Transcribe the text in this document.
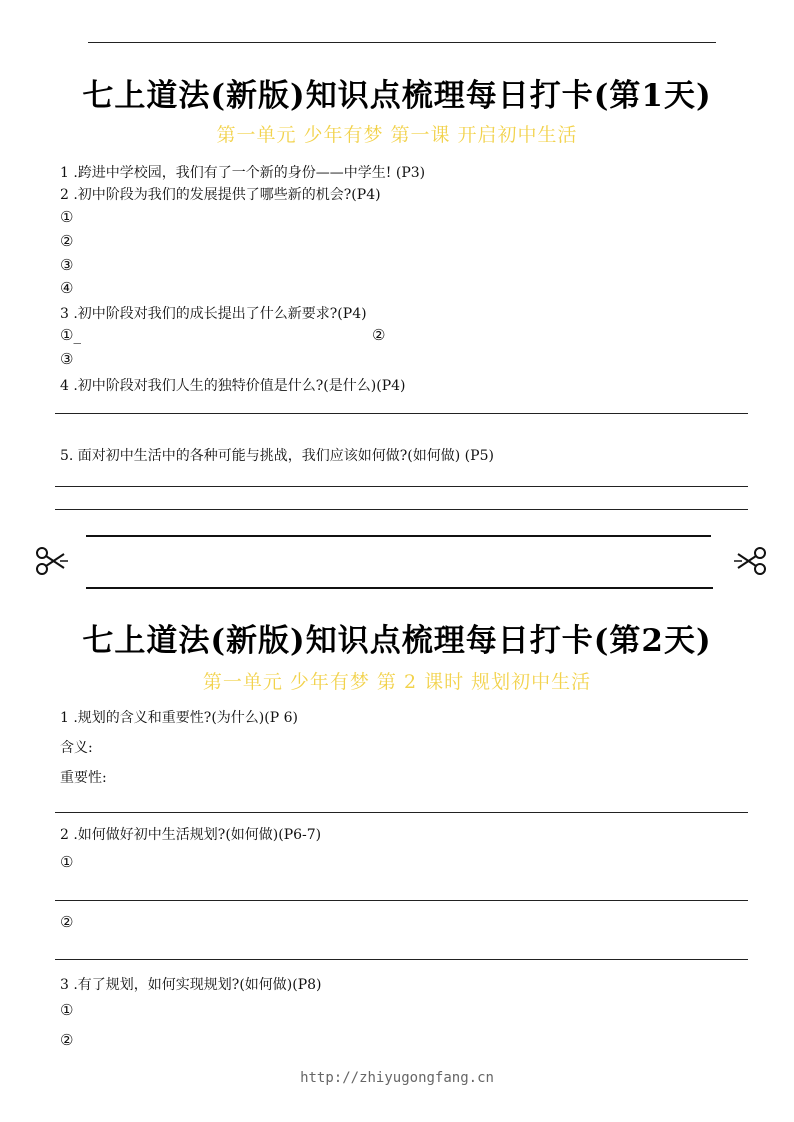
七上道法(新版)知识点梳理每日打卡(第1天)
第一单元 少年有梦 第一课 开启初中生活
1 .跨进中学校园，我们有了一个新的身份——中学生! (P3)
2 .初中阶段为我们的发展提供了哪些新的机会?(P4)
①
②
③
④
3 .初中阶段对我们的成长提出了什么新要求?(P4)
①_	②
③
4 .初中阶段对我们人生的独特价值是什么?(是什么)(P4)
5. 面对初中生活中的各种可能与挑战，我们应该如何做?(如何做) (P5)
七上道法(新版)知识点梳理每日打卡(第2天)
第一单元 少年有梦 第 2 课时 规划初中生活
1 .规划的含义和重要性?(为什么)(P 6)
含义:
重要性:
2 .如何做好初中生活规划?(如何做)(P6-7)
①
②
3 .有了规划，如何实现规划?(如何做)(P8)
①
②
http://zhiyugongfang.cn
